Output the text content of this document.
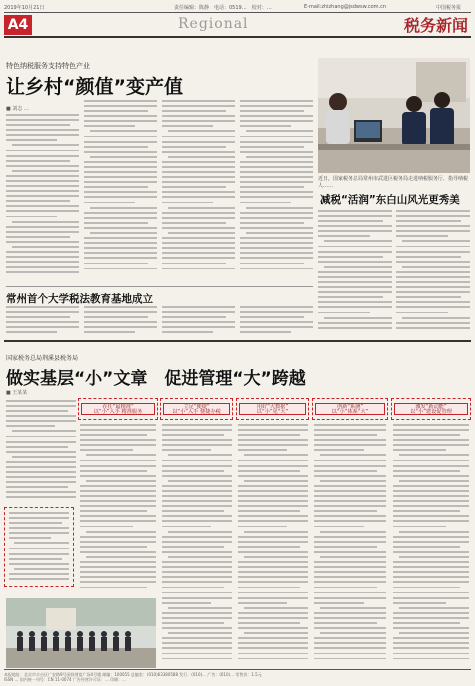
2019年10月21日	责任编辑：陈静　电话：0519…　校对：…	E-mail:zhizhang@jsdwsw.com.cn	中国税务报
A4	Regional	税务新闻
特色纳税服务支持特色产业
让乡村“颜值”变产值
■ 刘志 …
近日，国家税务总局常州市武进区税务局走进纳税服务厅，指导纳税人……
减税“活润”东白山风光更秀美
常州首个大学税法教育基地成立
国家税务总局荆溪县税务局
做实基层“小”文章　促进管理“大”跨越
■ 王某某
在任“最精准”
以“小”入手 精准服务
立足“便捷”
以“小”入手 便捷办税
用好“大数据”
以“小”见“大”
创新“系统”
以“小”体系“大”
激发“新动能”
以“小”建设促管理
本报地址：北京市丰台区广安路9号国投财富广场4号楼 邮编：100055 总编室：(010)63380588 发行：(010)… 广告：(010)… 零售价：1.5元
ISSN … 国内统一刊号：CN 11-0074 广告经营许可证：… 印刷：…
